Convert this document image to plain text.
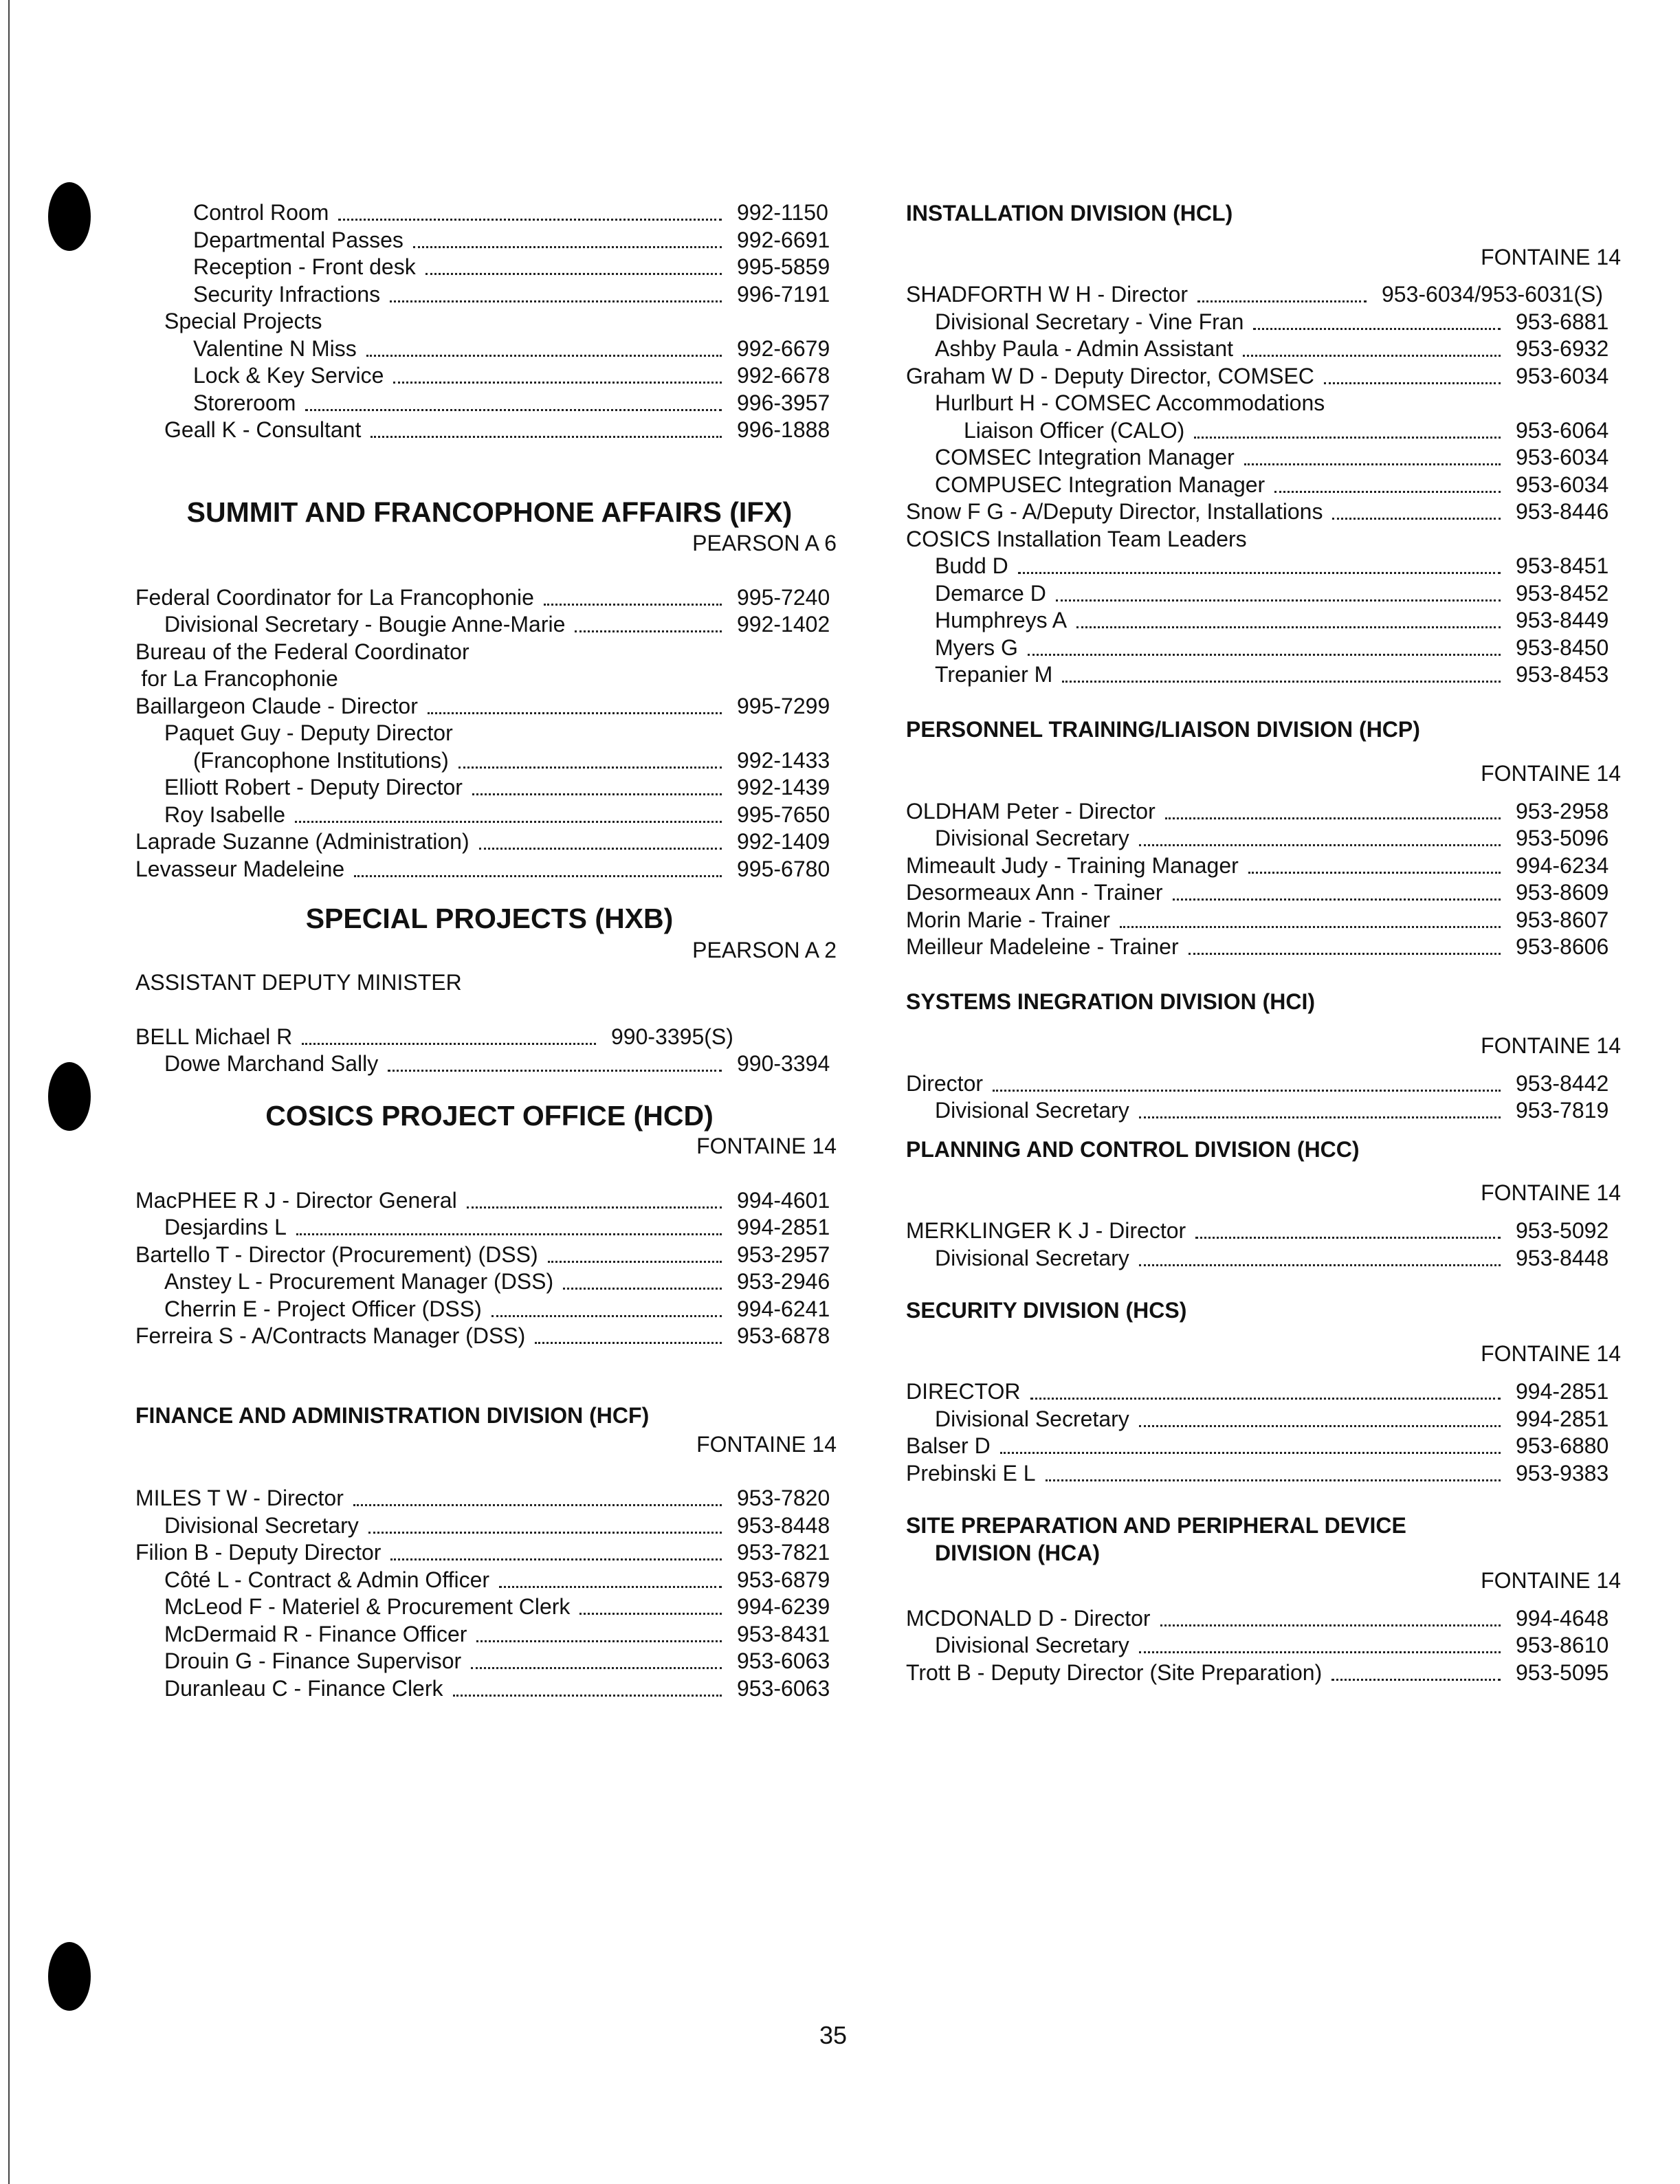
Control Room	992-1150
Departmental Passes	992-6691
Reception - Front desk	995-5859
Security Infractions	996-7191
Special Projects
Valentine N Miss	992-6679
Lock & Key Service	992-6678
Storeroom	996-3957
Geall K - Consultant	996-1888
SUMMIT AND FRANCOPHONE AFFAIRS (IFX)
PEARSON A 6
Federal Coordinator for La Francophonie	995-7240
Divisional Secretary - Bougie Anne-Marie	992-1402
Bureau of the Federal Coordinator
for La Francophonie
Baillargeon Claude - Director	995-7299
Paquet Guy - Deputy Director
(Francophone Institutions)	992-1433
Elliott Robert - Deputy Director	992-1439
Roy Isabelle	995-7650
Laprade Suzanne (Administration)	992-1409
Levasseur Madeleine	995-6780
SPECIAL PROJECTS (HXB)
PEARSON A 2
ASSISTANT DEPUTY MINISTER
BELL Michael R	990-3395(S)
Dowe Marchand Sally	990-3394
COSICS PROJECT OFFICE (HCD)
FONTAINE 14
MacPHEE R J - Director General	994-4601
Desjardins L	994-2851
Bartello T - Director (Procurement) (DSS)	953-2957
Anstey L - Procurement Manager (DSS)	953-2946
Cherrin E - Project Officer (DSS)	994-6241
Ferreira S - A/Contracts Manager (DSS)	953-6878
FINANCE AND ADMINISTRATION DIVISION (HCF)
FONTAINE 14
MILES T W - Director	953-7820
Divisional Secretary	953-8448
Filion B - Deputy Director	953-7821
Côté L - Contract & Admin Officer	953-6879
McLeod F - Materiel & Procurement Clerk	994-6239
McDermaid R - Finance Officer	953-8431
Drouin G - Finance Supervisor	953-6063
Duranleau C - Finance Clerk	953-6063
INSTALLATION DIVISION (HCL)
FONTAINE 14
SHADFORTH W H - Director	953-6034/953-6031(S)
Divisional Secretary - Vine Fran	953-6881
Ashby Paula - Admin Assistant	953-6932
Graham W D - Deputy Director, COMSEC	953-6034
Hurlburt H - COMSEC Accommodations
Liaison Officer (CALO)	953-6064
COMSEC Integration Manager	953-6034
COMPUSEC Integration Manager	953-6034
Snow F G - A/Deputy Director, Installations	953-8446
COSICS Installation Team Leaders
Budd D	953-8451
Demarce D	953-8452
Humphreys A	953-8449
Myers G	953-8450
Trepanier M	953-8453
PERSONNEL TRAINING/LIAISON DIVISION (HCP)
FONTAINE 14
OLDHAM Peter - Director	953-2958
Divisional Secretary	953-5096
Mimeault Judy - Training Manager	994-6234
Desormeaux Ann - Trainer	953-8609
Morin Marie - Trainer	953-8607
Meilleur Madeleine - Trainer	953-8606
SYSTEMS INEGRATION DIVISION (HCI)
FONTAINE 14
Director	953-8442
Divisional Secretary	953-7819
PLANNING AND CONTROL DIVISION (HCC)
FONTAINE 14
MERKLINGER K J - Director	953-5092
Divisional Secretary	953-8448
SECURITY DIVISION (HCS)
FONTAINE 14
DIRECTOR	994-2851
Divisional Secretary	994-2851
Balser D	953-6880
Prebinski E L	953-9383
SITE PREPARATION AND PERIPHERAL DEVICE
DIVISION (HCA)
FONTAINE 14
MCDONALD D - Director	994-4648
Divisional Secretary	953-8610
Trott B - Deputy Director (Site Preparation)	953-5095
35
